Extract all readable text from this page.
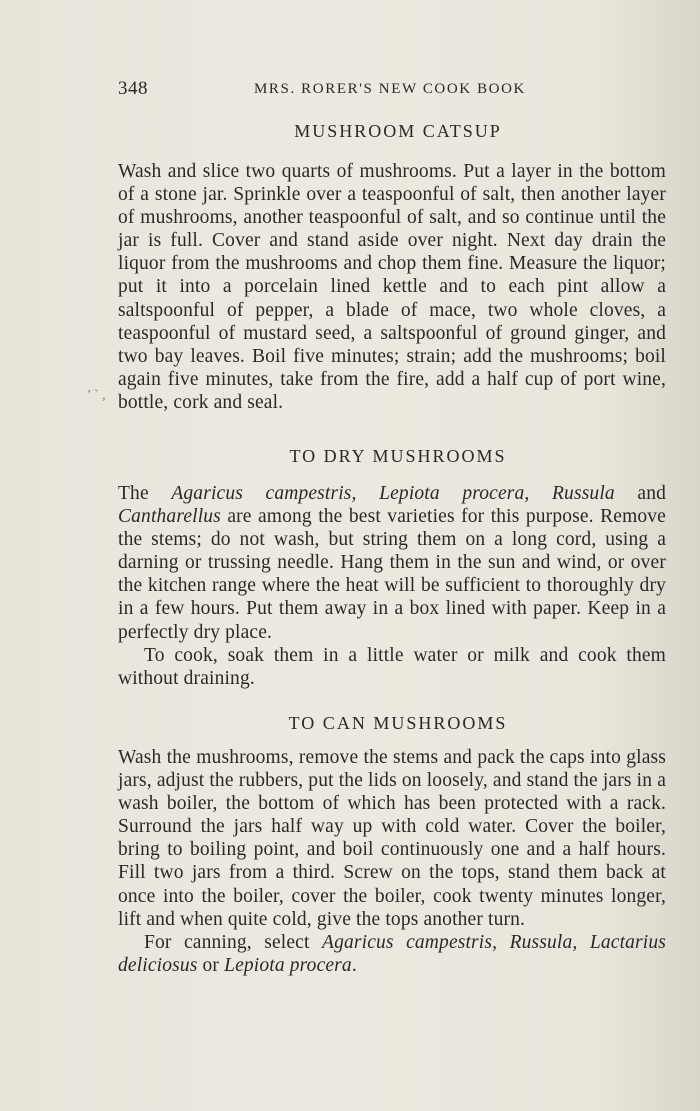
348	MRS. RORER'S NEW COOK BOOK
MUSHROOM CATSUP

Wash and slice two quarts of mushrooms. Put a layer in the bottom of a stone jar. Sprinkle over a teaspoonful of salt, then another layer of mushrooms, another teaspoonful of salt, and so continue until the jar is full. Cover and stand aside over night. Next day drain the liquor from the mushrooms and chop them fine. Measure the liquor; put it into a porcelain lined kettle and to each pint allow a saltspoonful of pepper, a blade of mace, two whole cloves, a teaspoonful of mustard seed, a saltspoonful of ground ginger, and two bay leaves. Boil five minutes; strain; add the mushrooms; boil again five minutes, take from the fire, add a half cup of port wine, bottle, cork and seal.

' ` ,
TO DRY MUSHROOMS

The Agaricus campestris, Lepiota procera, Russula and Cantharellus are among the best varieties for this purpose. Remove the stems; do not wash, but string them on a long cord, using a darning or trussing needle. Hang them in the sun and wind, or over the kitchen range where the heat will be sufficient to thoroughly dry in a few hours. Put them away in a box lined with paper. Keep in a perfectly dry place.

To cook, soak them in a little water or milk and cook them without draining.

TO CAN MUSHROOMS

Wash the mushrooms, remove the stems and pack the caps into glass jars, adjust the rubbers, put the lids on loosely, and stand the jars in a wash boiler, the bottom of which has been protected with a rack. Surround the jars half way up with cold water. Cover the boiler, bring to boiling point, and boil continuously one and a half hours. Fill two jars from a third. Screw on the tops, stand them back at once into the boiler, cover the boiler, cook twenty minutes longer, lift and when quite cold, give the tops another turn.

For canning, select Agaricus campestris, Russula, Lactarius deliciosus or Lepiota procera.
